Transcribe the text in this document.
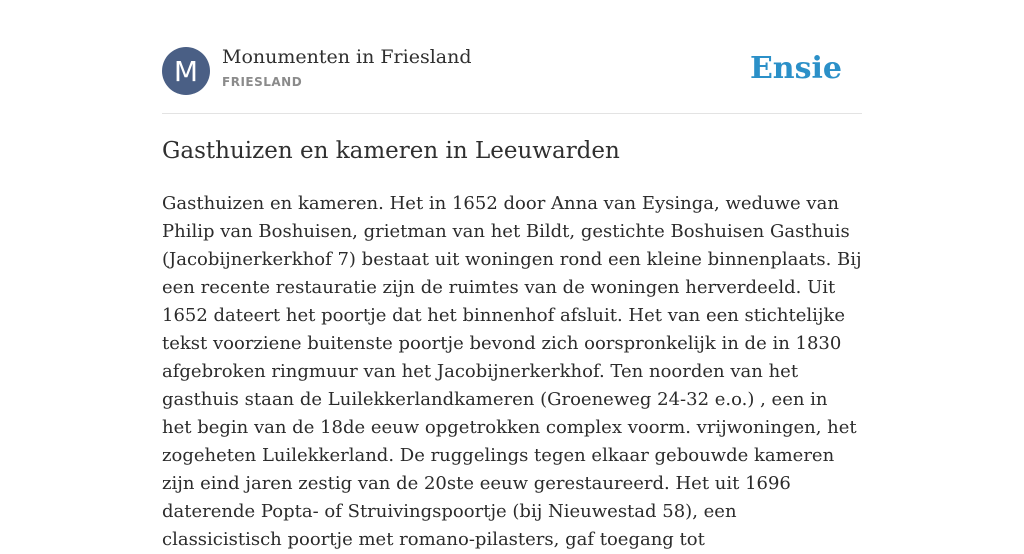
M	Monumenten in Friesland
FRIESLAND	Ensie
Gasthuizen en kameren in Leeuwarden

Gasthuizen en kameren. Het in 1652 door Anna van Eysinga, weduwe van Philip van Boshuisen, grietman van het Bildt, gestichte Boshuisen Gasthuis (Jacobijnerkerkhof 7) bestaat uit woningen rond een kleine binnenplaats. Bij een recente restauratie zijn de ruimtes van de woningen herverdeeld. Uit 1652 dateert het poortje dat het binnenhof afsluit. Het van een stichtelijke tekst voorziene buitenste poortje bevond zich oorspronkelijk in de in 1830 afgebroken ringmuur van het Jacobijnerkerkhof. Ten noorden van het gasthuis staan de Luilekkerlandkameren (Groeneweg 24-32 e.o.) , een in het begin van de 18de eeuw opgetrokken complex voorm. vrijwoningen, het zogeheten Luilekkerland. De ruggelings tegen elkaar gebouwde kameren zijn eind jaren zestig van de 20ste eeuw gerestaureerd. Het uit 1696 daterende Popta- of Struivingspoortje (bij Nieuwestad 58), een classicistisch poortje met romano-pilasters, gaf toegang tot
